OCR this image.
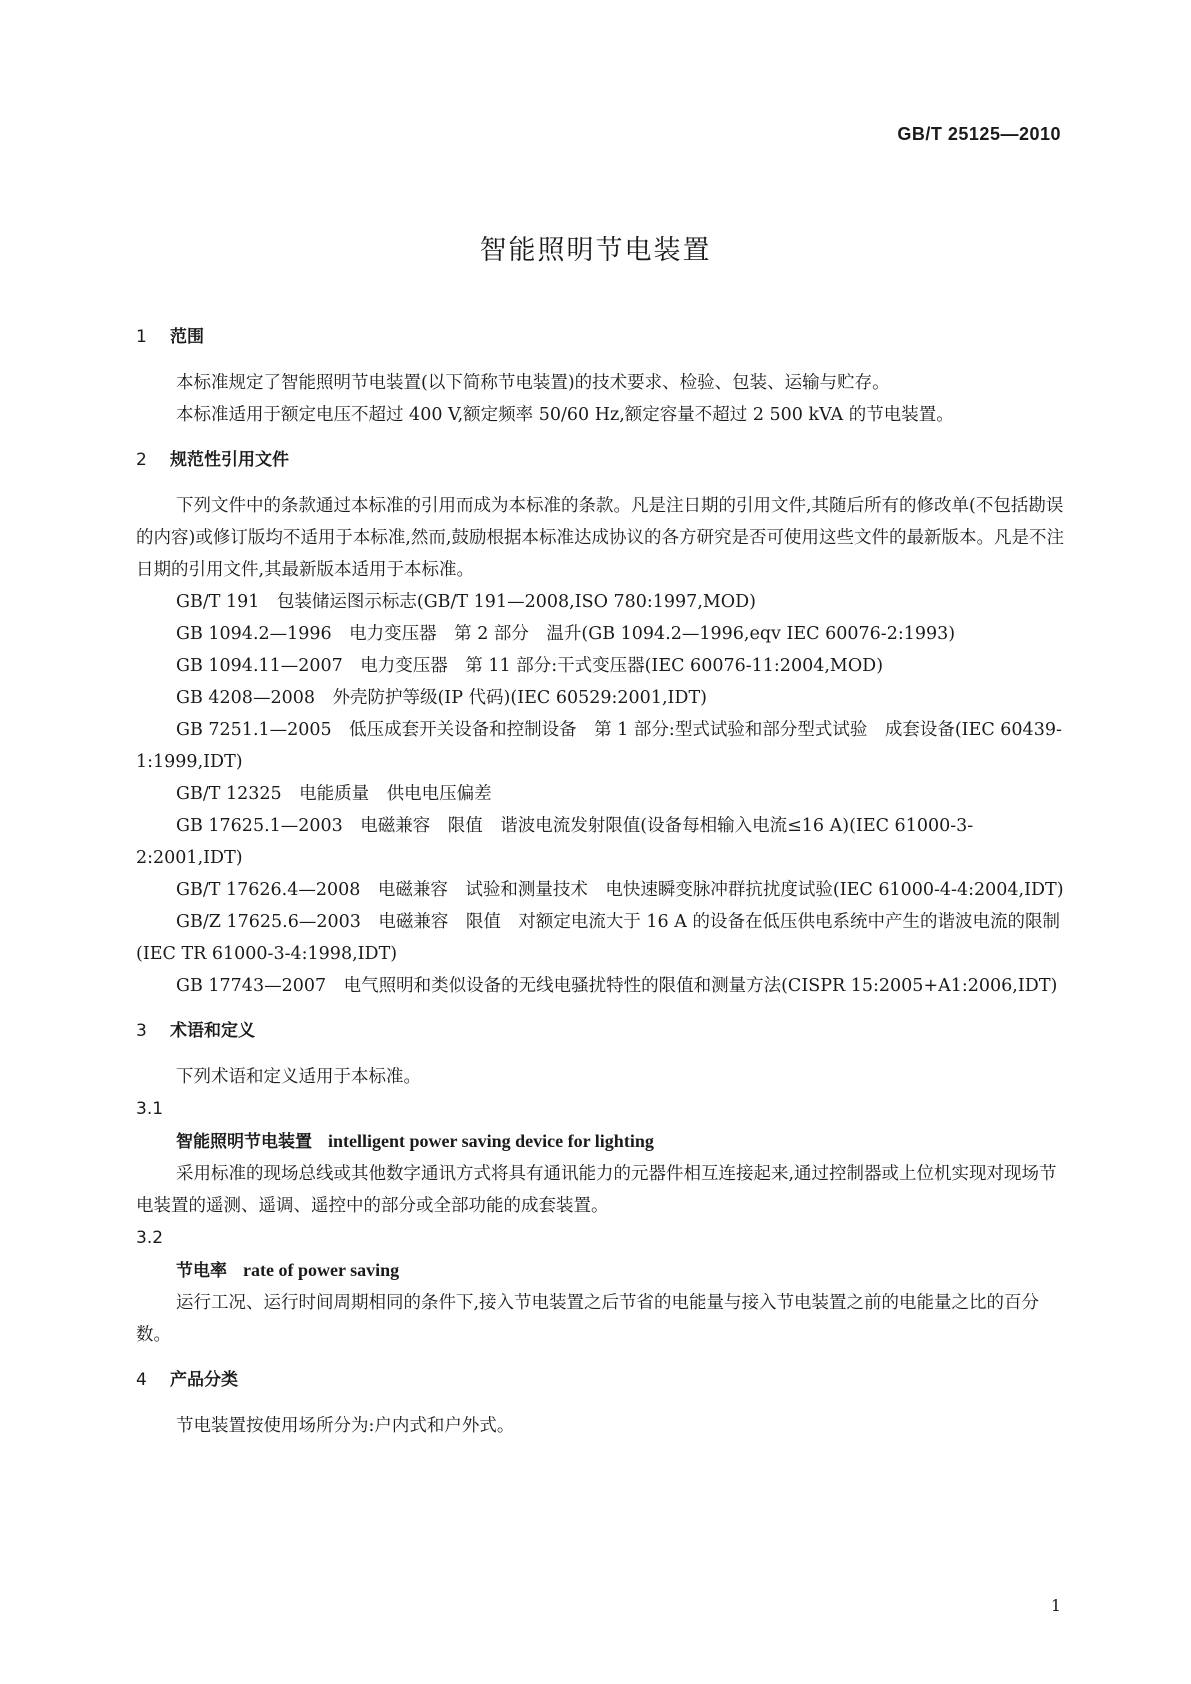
GB/T 25125—2010
智能照明节电装置
1 范围

本标准规定了智能照明节电装置(以下简称节电装置)的技术要求、检验、包装、运输与贮存。

本标准适用于额定电压不超过 400 V,额定频率 50/60 Hz,额定容量不超过 2 500 kVA 的节电装置。

2 规范性引用文件

下列文件中的条款通过本标准的引用而成为本标准的条款。凡是注日期的引用文件,其随后所有的修改单(不包括勘误的内容)或修订版均不适用于本标准,然而,鼓励根据本标准达成协议的各方研究是否可使用这些文件的最新版本。凡是不注日期的引用文件,其最新版本适用于本标准。

GB/T 191　包装储运图示标志(GB/T 191—2008,ISO 780:1997,MOD)

GB 1094.2—1996　电力变压器　第 2 部分　温升(GB 1094.2—1996,eqv IEC 60076-2:1993)

GB 1094.11—2007　电力变压器　第 11 部分:干式变压器(IEC 60076-11:2004,MOD)

GB 4208—2008　外壳防护等级(IP 代码)(IEC 60529:2001,IDT)

GB 7251.1—2005　低压成套开关设备和控制设备　第 1 部分:型式试验和部分型式试验　成套设备(IEC 60439-1:1999,IDT)

GB/T 12325　电能质量　供电电压偏差

GB 17625.1—2003　电磁兼容　限值　谐波电流发射限值(设备每相输入电流≤16 A)(IEC 61000-3-2:2001,IDT)

GB/T 17626.4—2008　电磁兼容　试验和测量技术　电快速瞬变脉冲群抗扰度试验(IEC 61000-4-4:2004,IDT)

GB/Z 17625.6—2003　电磁兼容　限值　对额定电流大于 16 A 的设备在低压供电系统中产生的谐波电流的限制(IEC TR 61000-3-4:1998,IDT)

GB 17743—2007　电气照明和类似设备的无线电骚扰特性的限值和测量方法(CISPR 15:2005+A1:2006,IDT)

3 术语和定义

下列术语和定义适用于本标准。

3.1
智能照明节电装置 intelligent power saving device for lighting

采用标准的现场总线或其他数字通讯方式将具有通讯能力的元器件相互连接起来,通过控制器或上位机实现对现场节电装置的遥测、遥调、遥控中的部分或全部功能的成套装置。

3.2
节电率 rate of power saving

运行工况、运行时间周期相同的条件下,接入节电装置之后节省的电能量与接入节电装置之前的电能量之比的百分数。

4 产品分类

节电装置按使用场所分为:户内式和户外式。

1
